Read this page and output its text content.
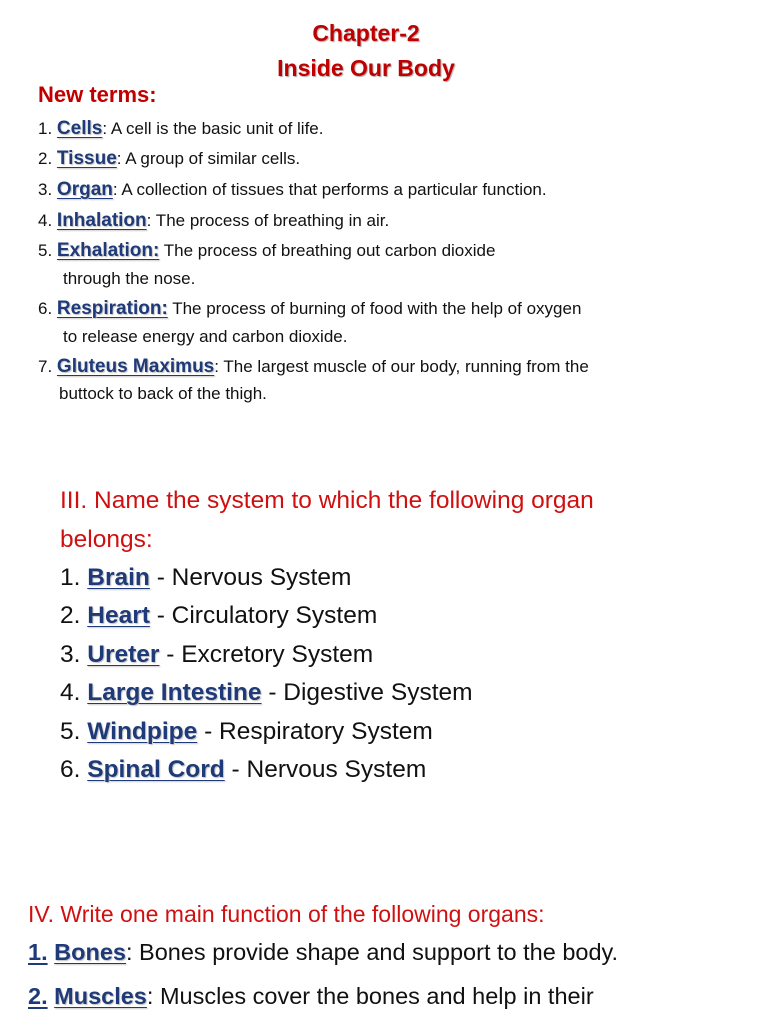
Chapter-2
Inside Our Body
New terms:
1. Cells: A cell is the basic unit of life.
2. Tissue: A group of similar cells.
3. Organ: A collection of tissues that performs a particular function.
4. Inhalation: The process of breathing in air.
5. Exhalation: The process of breathing out carbon dioxide
through the nose.
6. Respiration: The process of burning of food with the help of oxygen
to release energy and carbon dioxide.
7. Gluteus Maximus: The largest muscle of our body, running from the
buttock to back of the thigh.
III. Name the system to which the following organ
belongs:
1. Brain - Nervous System
2. Heart - Circulatory System
3. Ureter - Excretory System
4. Large Intestine - Digestive System
5. Windpipe - Respiratory System
6. Spinal Cord - Nervous System
IV. Write one main function of the following organs:
1. Bones: Bones provide shape and support to the body.
2. Muscles: Muscles cover the bones and help in their
